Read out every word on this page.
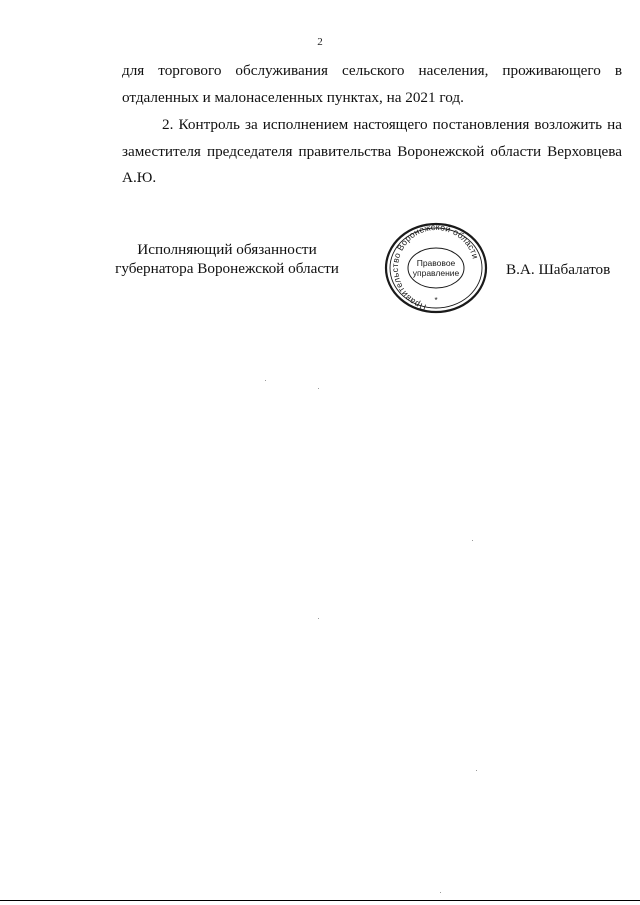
2

для торгового обслуживания сельского населения, проживающего в отдаленных и малонаселенных пунктах, на 2021 год.

2. Контроль за исполнением настоящего постановления возложить на заместителя председателя правительства Воронежской области Верховцева А.Ю.

Исполняющий обязанности
губернатора Воронежской области
Правительство Воронежской области
Правовое
управление
*
В.А. Шабалатов
